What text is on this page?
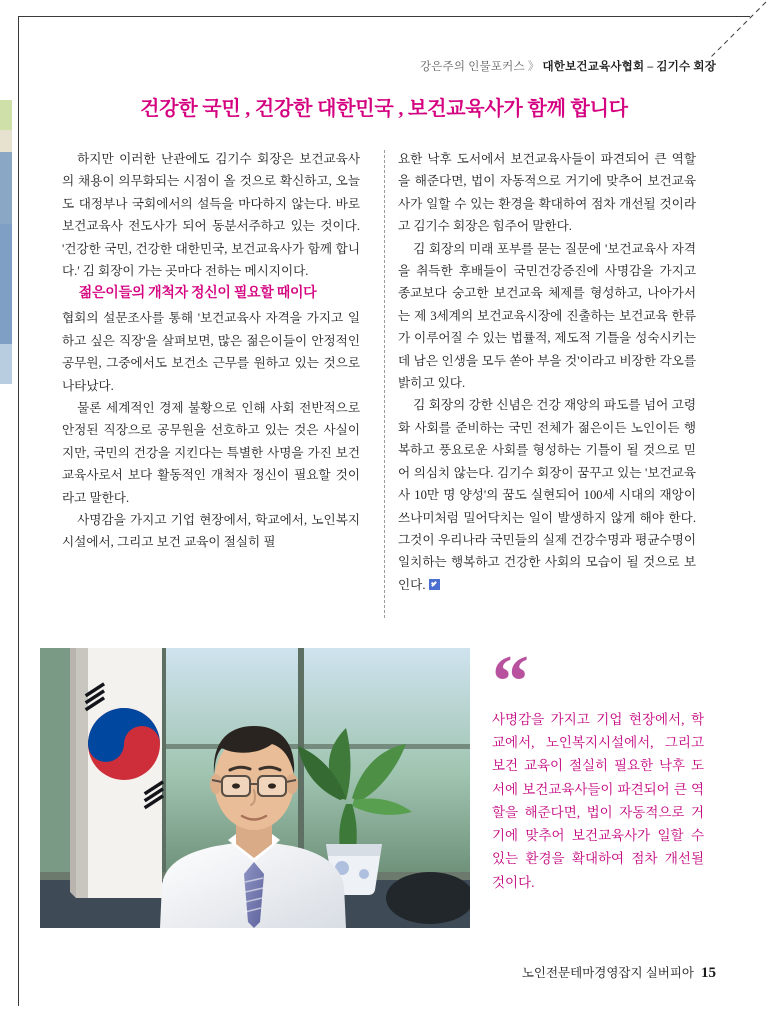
강은주의 인물포커스 》 대한보건교육사협회 – 김기수 회장
건강한 국민 , 건강한 대한민국 , 보건교육사가 함께 합니다

하지만 이러한 난관에도 김기수 회장은 보건교육사의 채용이 의무화되는 시점이 올 것으로 확신하고, 오늘도 대정부나 국회에서의 설득을 마다하지 않는다. 바로 보건교육사 전도사가 되어 동분서주하고 있는 것이다. '건강한 국민, 건강한 대한민국, 보건교육사가 함께 합니다.' 김 회장이 가는 곳마다 전하는 메시지이다.

젊은이들의 개척자 정신이 필요할 때이다

협회의 설문조사를 통해 '보건교육사 자격을 가지고 일하고 싶은 직장'을 살펴보면, 많은 젊은이들이 안정적인 공무원, 그중에서도 보건소 근무를 원하고 있는 것으로 나타났다.

물론 세계적인 경제 불황으로 인해 사회 전반적으로 안정된 직장으로 공무원을 선호하고 있는 것은 사실이지만, 국민의 건강을 지킨다는 특별한 사명을 가진 보건교육사로서 보다 활동적인 개척자 정신이 필요할 것이라고 말한다.

사명감을 가지고 기업 현장에서, 학교에서, 노인복지시설에서, 그리고 보건 교육이 절실히 필

요한 낙후 도서에서 보건교육사들이 파견되어 큰 역할을 해준다면, 법이 자동적으로 거기에 맞추어 보건교육사가 일할 수 있는 환경을 확대하여 점차 개선될 것이라고 김기수 회장은 힘주어 말한다.

김 회장의 미래 포부를 묻는 질문에 '보건교육사 자격을 취득한 후배들이 국민건강증진에 사명감을 가지고 종교보다 숭고한 보건교육 체제를 형성하고, 나아가서는 제 3세계의 보건교육시장에 진출하는 보건교육 한류가 이루어질 수 있는 법률적, 제도적 기틀을 성숙시키는데 남은 인생을 모두 쏟아 부을 것'이라고 비장한 각오를 밝히고 있다.

김 회장의 강한 신념은 건강 재앙의 파도를 넘어 고령화 사회를 준비하는 국민 전체가 젊은이든 노인이든 행복하고 풍요로운 사회를 형성하는 기틀이 될 것으로 믿어 의심치 않는다. 김기수 회장이 꿈꾸고 있는 '보건교육사 10만 명 양성'의 꿈도 실현되어 100세 시대의 재앙이 쓰나미처럼 밀어닥치는 일이 발생하지 않게 해야 한다. 그것이 우리나라 국민들의 실제 건강수명과 평균수명이 일치하는 행복하고 건강한 사회의 모습이 될 것으로 보인다.

“
사명감을 가지고 기업 현장에서, 학교에서, 노인복지시설에서, 그리고 보건 교육이 절실히 필요한 낙후 도서에 보건교육사들이 파견되어 큰 역할을 해준다면, 법이 자동적으로 거기에 맞추어 보건교육사가 일할 수 있는 환경을 확대하여 점차 개선될 것이다.
노인전문테마경영잡지 실버피아 15
